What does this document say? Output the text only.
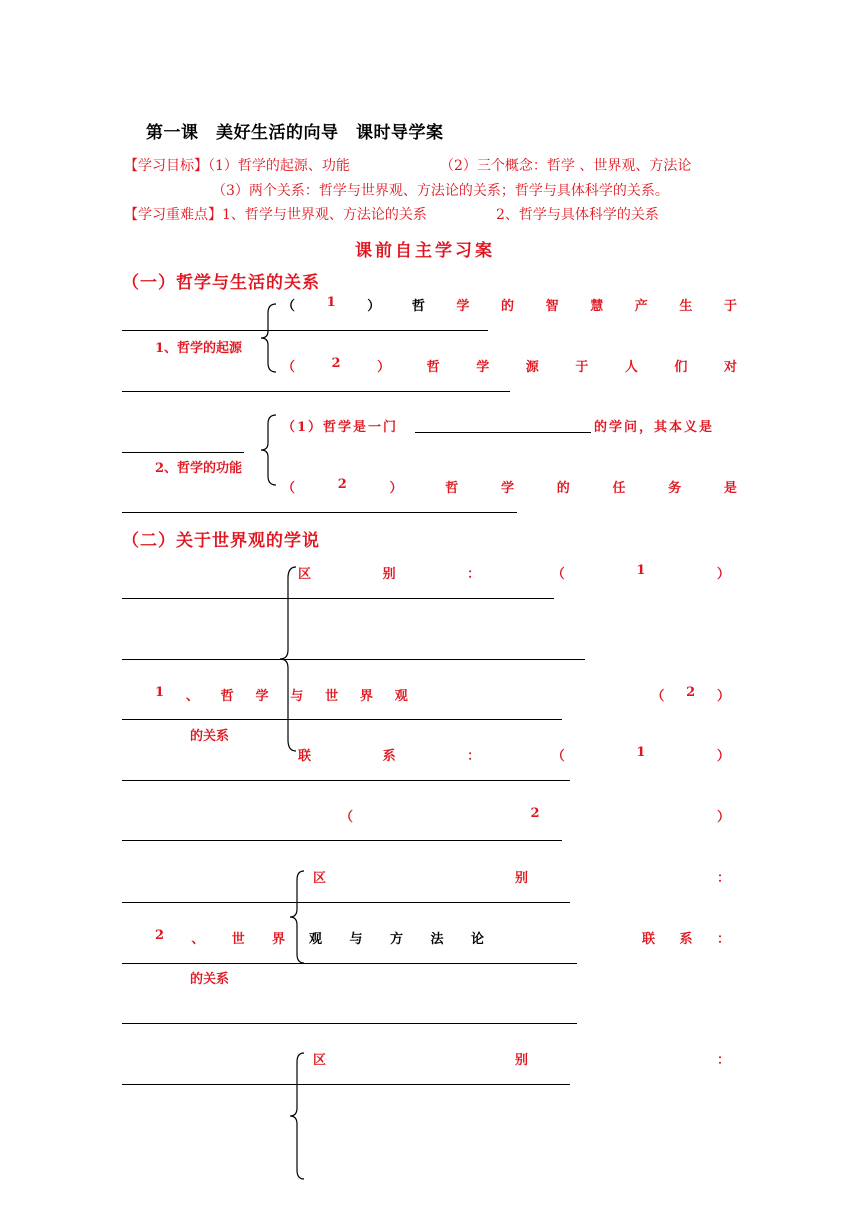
第一课　美好生活的向导　课时导学案
【学习目标】（1）哲学的起源、功能	（2）三个概念：哲学 、世界观、方法论
（3）两个关系：哲学与世界观、方法论的关系；哲学与具体科学的关系。
【学习重难点】1、哲学与世界观、方法论的关系	2、哲学与具体科学的关系
课前自主学习案
（一）哲学与生活的关系
（ 1 ） 哲 学 的 智 慧 产 生 于
1、哲学的起源
（	2	）	哲	学	源	于	人	们	对
（1）哲学是一门	的学问，其本义是
2、哲学的功能
（	2	）	哲	学	的	任	务	是
（二）关于世界观的学说
区	别	：	（	1	）
1 、 哲 学 与 世 界 观	（ 2 ）
的关系
联	系	：	（	1	）
（	2	）
区	别	：
2 、 世 界 观 与 方 法 论	联 系 ：
的关系
区	别	：
